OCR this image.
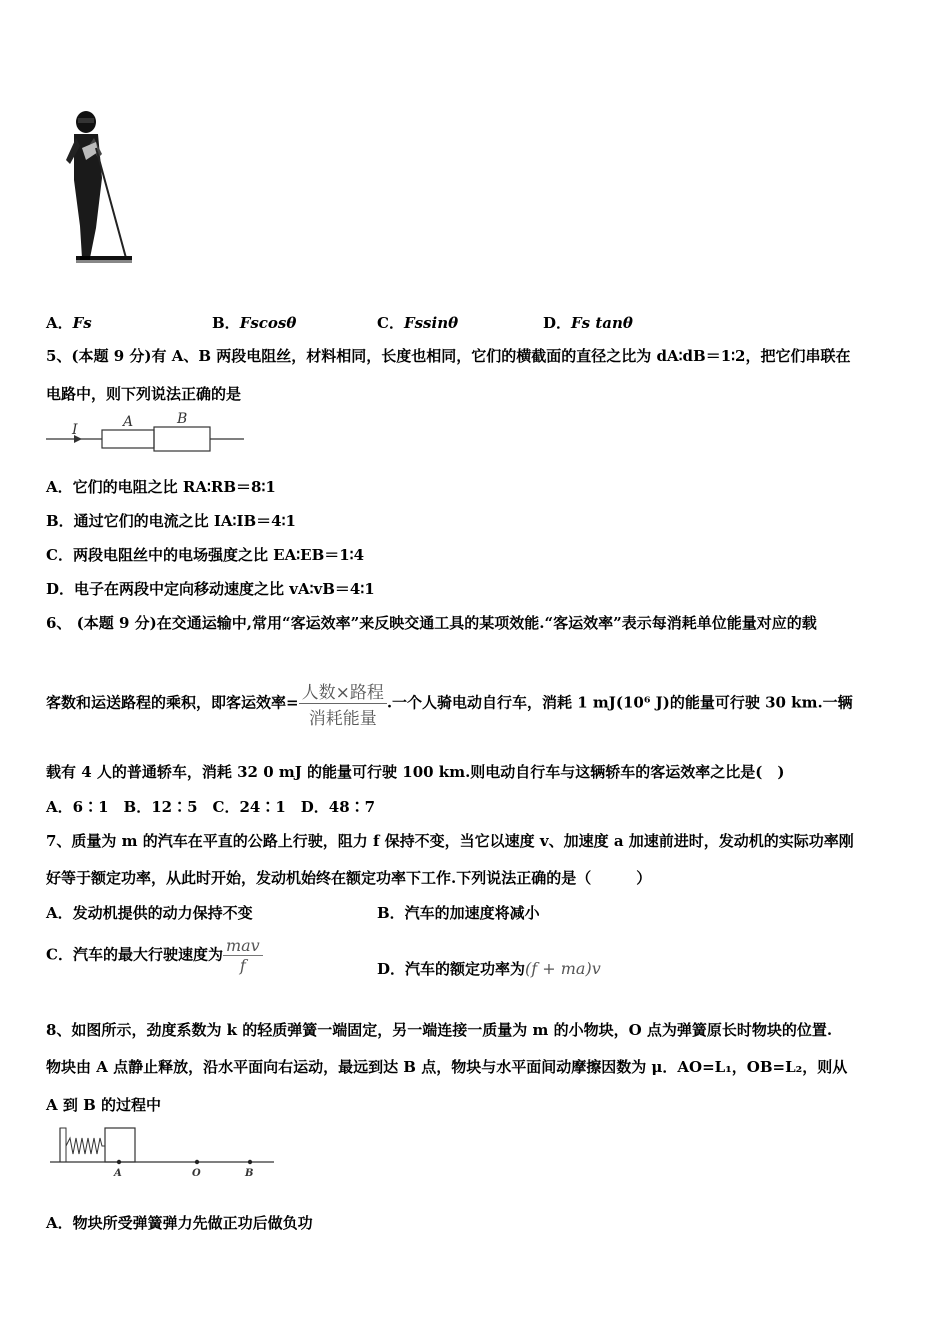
A．Fs	B．Fscosθ	C．Fssinθ	D．Fs tanθ
5、(本题 9 分)有 A、B 两段电阻丝，材料相同，长度也相同，它们的横截面的直径之比为 dA∶dB＝1∶2，把它们串联在
电路中，则下列说法正确的是
I	A	B
A．它们的电阻之比 RA∶RB＝8∶1
B．通过它们的电流之比 IA∶IB＝4∶1
C．两段电阻丝中的电场强度之比 EA∶EB＝1∶4
D．电子在两段中定向移动速度之比 vA∶vB＝4∶1
6、 (本题 9 分)在交通运输中,常用“客运效率”来反映交通工具的某项效能.“客运效率”表示每消耗单位能量对应的载
客数和运送路程的乘积，即客运效率= $\frac{\text{人数×路程}}{\text{消耗能量}}$ .一个人骑电动自行车，消耗 1 mJ(10⁶ J)的能量可行驶 30 km.一辆
载有 4 人的普通轿车，消耗 32 0 mJ 的能量可行驶 100 km.则电动自行车与这辆轿车的客运效率之比是(　)
A．6∶1　B．12∶5　C．24∶1　D．48∶7
7、质量为 m 的汽车在平直的公路上行驶，阻力 f 保持不变，当它以速度 v、加速度 a 加速前进时，发动机的实际功率刚
好等于额定功率，从此时开始，发动机始终在额定功率下工作.下列说法正确的是（　　　）
A．发动机提供的动力保持不变	B．汽车的加速度将减小
C．汽车的最大行驶速度为 $\frac{\text{mav}}{f}$	D．汽车的额定功率为(f + ma)v
8、如图所示，劲度系数为 k 的轻质弹簧一端固定，另一端连接一质量为 m 的小物块，O 点为弹簧原长时物块的位置.
物块由 A 点静止释放，沿水平面向右运动，最远到达 B 点，物块与水平面间动摩擦因数为 μ．AO=L₁，OB=L₂，则从
A 到 B 的过程中
A	O	B
A．物块所受弹簧弹力先做正功后做负功
